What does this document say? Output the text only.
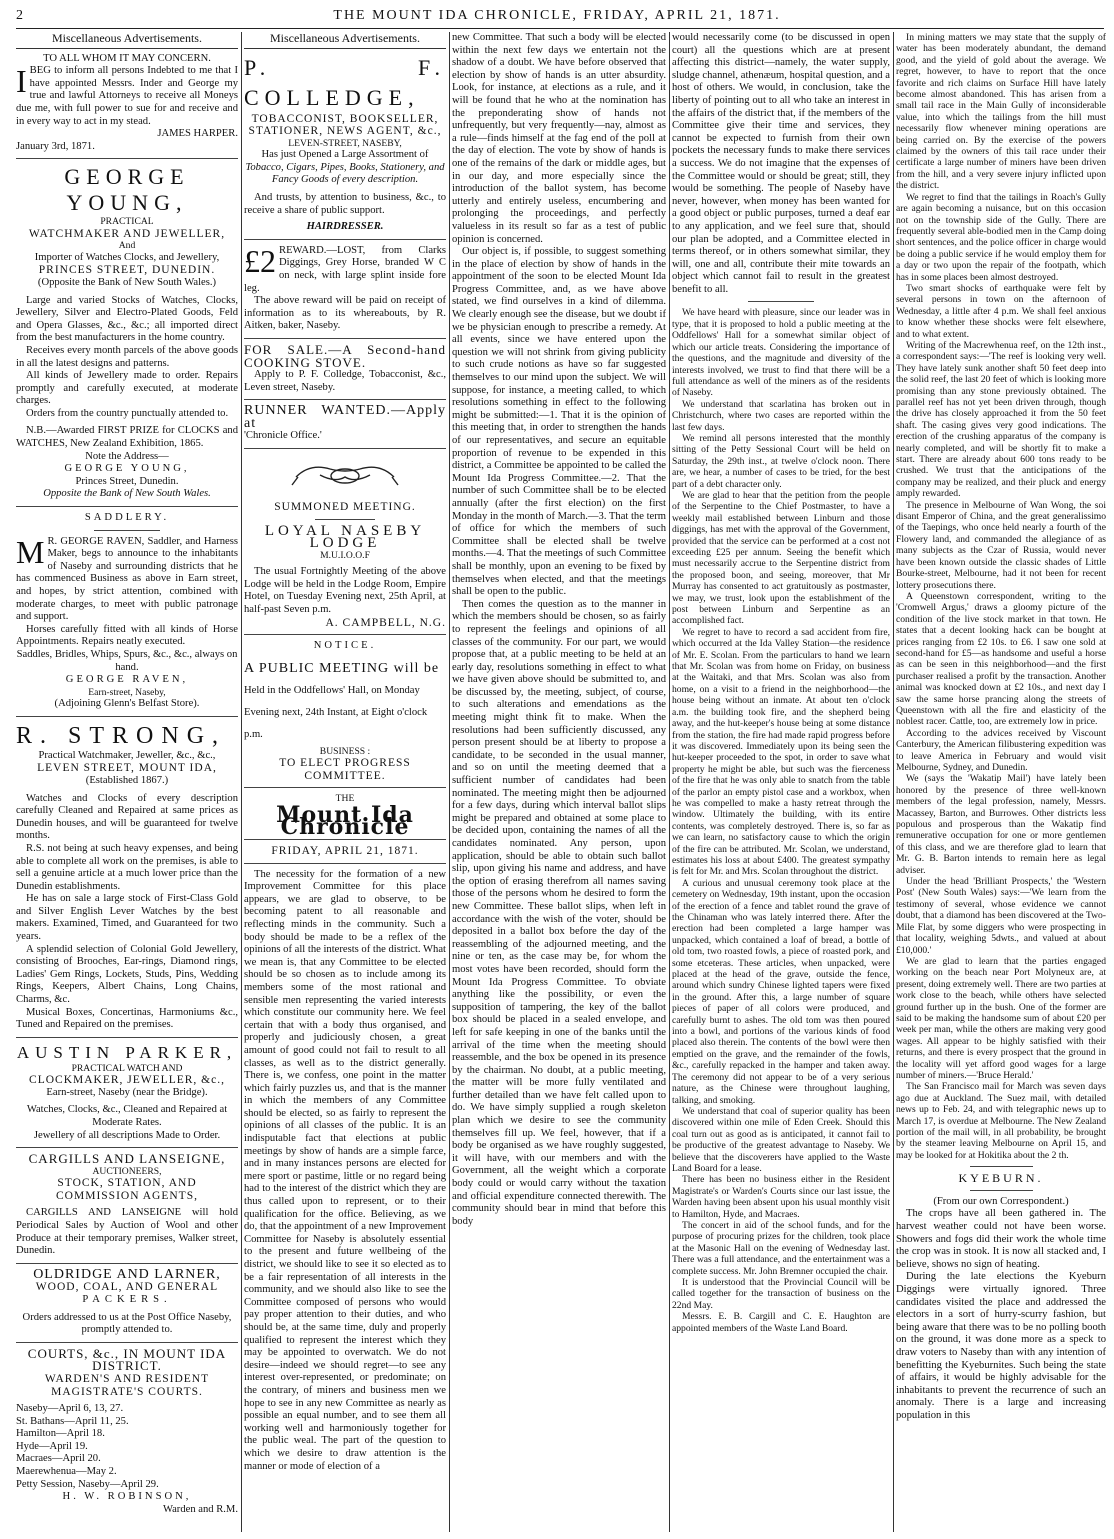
2	THE MOUNT IDA CHRONICLE, FRIDAY, APRIL 21, 1871.
Miscellaneous Advertisements.

TO ALL WHOM IT MAY CONCERN.

IBEG to inform all persons Indebted to me that I have appointed Messrs. Inder and George my true and lawful Attorneys to receive all Moneys due me, with full power to sue for and receive and in every way to act in my stead.

JAMES HARPER.

January 3rd, 1871.

GEORGE YOUNG,

PRACTICAL

WATCHMAKER AND JEWELLER,

And

Importer of Watches Clocks, and Jewellery,

PRINCES STREET, DUNEDIN.

(Opposite the Bank of New South Wales.)

Large and varied Stocks of Watches, Clocks, Jewellery, Silver and Electro-Plated Goods, Feld and Opera Glasses, &c., &c.; all imported direct from the best manufacturers in the home country.

Receives every month parcels of the above goods in all the latest designs and patterns.

All kinds of Jewellery made to order. Repairs promptly and carefully executed, at moderate charges.

Orders from the country punctually attended to.

N.B.—Awarded FIRST PRIZE for CLOCKS and WATCHES, New Zealand Exhibition, 1865.

Note the Address—

GEORGE YOUNG,

Princes Street, Dunedin.

Opposite the Bank of New South Wales.

SADDLERY.

M R. GEORGE RAVEN, Saddler, and Harness Maker, begs to announce to the inhabitants of Naseby and surrounding districts that he has commenced Business as above in Earn street, and hopes, by strict attention, combined with moderate charges, to meet with public patronage and support.

Horses carefully fitted with all kinds of Horse Appointments. Repairs neatly executed.

Saddles, Bridles, Whips, Spurs, &c., &c., always on hand.

GEORGE RAVEN,

Earn-street, Naseby,

(Adjoining Glenn's Belfast Store).

R. STRONG,

Practical Watchmaker, Jeweller, &c., &c.,

LEVEN STREET, MOUNT IDA,

(Established 1867.)

Watches and Clocks of every description carefully Cleaned and Repaired at same prices as Dunedin houses, and will be guaranteed for twelve months.

R.S. not being at such heavy expenses, and being able to complete all work on the premises, is able to sell a genuine article at a much lower price than the Dunedin establishments.

He has on sale a large stock of First-Class Gold and Silver English Lever Watches by the best makers. Examined, Timed, and Guaranteed for two years.

A splendid selection of Colonial Gold Jewellery, consisting of Brooches, Ear-rings, Diamond rings, Ladies' Gem Rings, Lockets, Studs, Pins, Wedding Rings, Keepers, Albert Chains, Long Chains, Charms, &c.

Musical Boxes, Concertinas, Harmoniums &c., Tuned and Repaired on the premises.

AUSTIN PARKER,

PRACTICAL WATCH AND

CLOCKMAKER, JEWELLER, &c.,

Earn-street, Naseby (near the Bridge).

Watches, Clocks, &c., Cleaned and Repaired at Moderate Rates.

Jewellery of all descriptions Made to Order.

CARGILLS AND LANSEIGNE,

AUCTIONEERS,

STOCK, STATION, AND COMMISSION AGENTS,

CARGILLS AND LANSEIGNE will hold Periodical Sales by Auction of Wool and other Produce at their temporary premises, Walker street, Dunedin.

OLDRIDGE AND LARNER,

WOOD, COAL, AND GENERAL

PACKERS.

Orders addressed to us at the Post Office Naseby, promptly attended to.

COURTS, &c., IN MOUNT IDA DISTRICT.

WARDEN'S AND RESIDENT MAGISTRATE'S COURTS.

Naseby—April 6, 13, 27.

St. Bathans—April 11, 25.

Hamilton—April 18.

Hyde—April 19.

Macraes—April 20.

Maerewhenua—May 2.

Petty Session, Naseby—April 29.

H. W. ROBINSON,

Warden and R.M.

Miscellaneous Advertisements.

P. F. COLLEDGE,

TOBACCONIST, BOOKSELLER, STATIONER, NEWS AGENT, &c.,

LEVEN-STREET, NASEBY,

Has just Opened a Large Assortment of

Tobacco, Cigars, Pipes, Books, Stationery, and Fancy Goods of every description.

And trusts, by attention to business, &c., to receive a share of public support.

HAIRDRESSER.

£2 REWARD.—LOST, from Clarks Diggings, Grey Horse, branded W C on neck, with large splint inside fore leg.

The above reward will be paid on receipt of information as to its whereabouts, by R. Aitken, baker, Naseby.

FOR SALE.—A Second-hand COOKING STOVE.

Apply to P. F. Colledge, Tobacconist, &c., Leven street, Naseby.

RUNNER WANTED.—Apply at

'Chronicle Office.'

SUMMONED MEETING.

LOYAL NASEBY LODGE

M.U.I.O.O.F

The usual Fortnightly Meeting of the above Lodge will be held in the Lodge Room, Empire Hotel, on Tuesday Evening next, 25th April, at half-past Seven p.m.

A. CAMPBELL, N.G.

NOTICE.

A PUBLIC MEETING will be

Held in the Oddfellows' Hall, on Monday

Evening next, 24th Instant, at Eight o'clock

p.m.

BUSINESS :

TO ELECT PROGRESS COMMITTEE.

THE

Mount Ida Chronicle

FRIDAY, APRIL 21, 1871.

The necessity for the formation of a new Improvement Committee for this place appears, we are glad to observe, to be becoming patent to all reasonable and reflecting minds in the community. Such a body should be made to be a reflex of the opinions of all the interests of the district. What we mean is, that any Committee to be elected should be so chosen as to include among its members some of the most rational and sensible men representing the varied interests which constitute our community here. We feel certain that with a body thus organised, and properly and judiciously chosen, a great amount of good could not fail to result to all classes, as well as to the district generally. There is, we confess, one point in the matter which fairly puzzles us, and that is the manner in which the members of any Committee should be elected, so as fairly to represent the opinions of all classes of the public. It is an indisputable fact that elections at public meetings by show of hands are a simple farce, and in many instances persons are elected for mere sport or pastime, little or no regard being had to the interest of the district which they are thus called upon to represent, or to their qualification for the office. Believing, as we do, that the appointment of a new Improvement Committee for Naseby is absolutely essential to the present and future wellbeing of the district, we should like to see it so elected as to be a fair representation of all interests in the community, and we should also like to see the Committee composed of persons who would pay proper attention to their duties, and who should be, at the same time, duly and properly qualified to represent the interest which they may be appointed to overwatch. We do not desire—indeed we should regret—to see any interest over-represented, or predominate; on the contrary, of miners and business men we hope to see in any new Committee as nearly as possible an equal number, and to see them all working well and harmoniously together for the public weal. The part of the question to which we desire to draw attention is the manner or mode of election of a

new Committee. That such a body will be elected within the next few days we entertain not the shadow of a doubt. We have before observed that election by show of hands is an utter absurdity. Look, for instance, at elections as a rule, and it will be found that he who at the nomination has the preponderating show of hands not unfrequently, but very frequently—nay, almost as a rule—finds himself at the fag end of the poll at the day of election. The vote by show of hands is one of the remains of the dark or middle ages, but in our day, and more especially since the introduction of the ballot system, has become utterly and entirely useless, encumbering and prolonging the proceedings, and perfectly valueless in its result so far as a test of public opinion is concerned.

Our object is, if possible, to suggest something in the place of election by show of hands in the appointment of the soon to be elected Mount Ida Progress Committee, and, as we have above stated, we find ourselves in a kind of dilemma. We clearly enough see the disease, but we doubt if we be physician enough to prescribe a remedy. At all events, since we have entered upon the question we will not shrink from giving publicity to such crude notions as have so far suggested themselves to our mind upon the subject. We will suppose, for instance, a meeting called, to which resolutions something in effect to the following might be submitted:—1. That it is the opinion of this meeting that, in order to strengthen the hands of our representatives, and secure an equitable proportion of revenue to be expended in this district, a Committee be appointed to be called the Mount Ida Progress Committee.—2. That the number of such Committee shall be to be elected annually (after the first election) on the first Monday in the month of March.—3. That the term of office for which the members of such Committee shall be elected shall be twelve months.—4. That the meetings of such Committee shall be monthly, upon an evening to be fixed by themselves when elected, and that the meetings shall be open to the public.

Then comes the question as to the manner in which the members should be chosen, so as fairly to represent the feelings and opinions of all classes of the community. For our part, we would propose that, at a public meeting to be held at an early day, resolutions something in effect to what we have given above should be submitted to, and be discussed by, the meeting, subject, of course, to such alterations and emendations as the meeting might think fit to make. When the resolutions had been sufficiently discussed, any person present should be at liberty to propose a candidate, to be seconded in the usual manner, and so on until the meeting deemed that a sufficient number of candidates had been nominated. The meeting might then be adjourned for a few days, during which interval ballot slips might be prepared and obtained at some place to be decided upon, containing the names of all the candidates nominated. Any person, upon application, should be able to obtain such ballot slip, upon giving his name and address, and have the option of erasing therefrom all names saving those of the persons whom he desired to form the new Committee. These ballot slips, when left in accordance with the wish of the voter, should be deposited in a ballot box before the day of the reassembling of the adjourned meeting, and the nine or ten, as the case may be, for whom the most votes have been recorded, should form the Mount Ida Progress Committee. To obviate anything like the possibility, or even the supposition of tampering, the key of the ballot box should be placed in a sealed envelope, and left for safe keeping in one of the banks until the arrival of the time when the meeting should reassemble, and the box be opened in its presence by the chairman. No doubt, at a public meeting, the matter will be more fully ventilated and further detailed than we have felt called upon to do. We have simply supplied a rough skeleton plan which we desire to see the community themselves fill up. We feel, however, that if a body be organised as we have roughly suggested, it will have, with our members and with the Government, all the weight which a corporate body could or would carry without the taxation and official expenditure connected therewith. The community should bear in mind that before this body

would necessarily come (to be discussed in open court) all the questions which are at present affecting this district—namely, the water supply, sludge channel, athenæum, hospital question, and a host of others. We would, in conclusion, take the liberty of pointing out to all who take an interest in the affairs of the district that, if the members of the Committee give their time and services, they cannot be expected to furnish from their own pockets the necessary funds to make there services a success. We do not imagine that the expenses of the Committee would or should be great; still, they would be something. The people of Naseby have never, however, when money has been wanted for a good object or public purposes, turned a deaf ear to any application, and we feel sure that, should our plan be adopted, and a Committee elected in terms thereof, or in others somewhat similar, they will, one and all, contribute their mite towards an object which cannot fail to result in the greatest benefit to all.

We have heard with pleasure, since our leader was in type, that it is proposed to hold a public meeting at the Oddfellows' Hall for a somewhat similar object of which our article treats. Considering the importance of the questions, and the magnitude and diversity of the interests involved, we trust to find that there will be a full attendance as well of the miners as of the residents of Naseby.

We understand that scarlatina has broken out in Christchurch, where two cases are reported within the last few days.

We remind all persons interested that the monthly sitting of the Petty Sessional Court will be held on Saturday, the 29th inst., at twelve o'clock noon. There are, we hear, a number of cases to be tried, for the best part of a debt character only.

We are glad to hear that the petition from the people of the Serpentine to the Chief Postmaster, to have a weekly mail established between Linburn and those diggings, has met with the approval of the Government, provided that the service can be performed at a cost not exceeding £25 per annum. Seeing the benefit which must necessarily accrue to the Serpentine district from the proposed boon, and seeing, moreover, that Mr Murray has consented to act gratuitously as postmaster, we may, we trust, look upon the establishment of the post between Linburn and Serpentine as an accomplished fact.

We regret to have to record a sad accident from fire, which occurred at the Ida Valley Station—the residence of Mr. E. Scolan. From the particulars to hand we learn that Mr. Scolan was from home on Friday, on business at the Waitaki, and that Mrs. Scolan was also from home, on a visit to a friend in the neighborhood—the house being without an inmate. At about ten o'clock a.m. the building took fire, and the shepherd being away, and the hut-keeper's house being at some distance from the station, the fire had made rapid progress before it was discovered. Immediately upon its being seen the hut-keeper proceeded to the spot, in order to save what property he might be able, but such was the fierceness of the fire that he was only able to snatch from the table of the parlor an empty pistol case and a workbox, when he was compelled to make a hasty retreat through the window. Ultimately the building, with its entire contents, was completely destroyed. There is, so far as we can learn, no satisfactory cause to which the origin of the fire can be attributed. Mr. Scolan, we understand, estimates his loss at about £400. The greatest sympathy is felt for Mr. and Mrs. Scolan throughout the district.

A curious and unusual ceremony took place at the cemetery on Wednesday, 19th instant, upon the occasion of the erection of a fence and tablet round the grave of the Chinaman who was lately interred there. After the erection had been completed a large hamper was unpacked, which contained a loaf of bread, a bottle of old tom, two roasted fowls, a piece of roasted pork, and some etceteras. These articles, when unpacked, were placed at the head of the grave, outside the fence, around which sundry Chinese lighted tapers were fixed in the ground. After this, a large number of square pieces of paper of all colors were produced, and carefully burnt to ashes. The old tom was then poured into a bowl, and portions of the various kinds of food placed also therein. The contents of the bowl were then emptied on the grave, and the remainder of the fowls, &c., carefully repacked in the hamper and taken away. The ceremony did not appear to be of a very serious nature, as the Chinese were throughout laughing, talking, and smoking.

We understand that coal of superior quality has been discovered within one mile of Eden Creek. Should this coal turn out as good as is anticipated, it cannot fail to be productive of the greatest advantage to Naseby. We believe that the discoverers have applied to the Waste Land Board for a lease.

There has been no business either in the Resident Magistrate's or Warden's Courts since our last issue, the Warden having been absent upon his usual monthly visit to Hamilton, Hyde, and Macraes.

The concert in aid of the school funds, and for the purpose of procuring prizes for the children, took place at the Masonic Hall on the evening of Wednesday last. There was a full attendance, and the entertainment was a complete success. Mr. John Bremner occupied the chair.

It is understood that the Provincial Council will be called together for the transaction of business on the 22nd May.

Messrs. E. B. Cargill and C. E. Haughton are appointed members of the Waste Land Board.

In mining matters we may state that the supply of water has been moderately abundant, the demand good, and the yield of gold about the average. We regret, however, to have to report that the once favorite and rich claims on Surface Hill have lately become almost abandoned. This has arisen from a small tail race in the Main Gully of inconsiderable value, into which the tailings from the hill must necessarily flow whenever mining operations are being carried on. By the exercise of the powers claimed by the owners of this tail race under their certificate a large number of miners have been driven from the hill, and a very severe injury inflicted upon the district.

We regret to find that the tailings in Roach's Gully are again becoming a nuisance, but on this occasion not on the township side of the Gully. There are frequently several able-bodied men in the Camp doing short sentences, and the police officer in charge would be doing a public service if he would employ them for a day or two upon the repair of the footpath, which has in some places been almost destroyed.

Two smart shocks of earthquake were felt by several persons in town on the afternoon of Wednesday, a little after 4 p.m. We shall feel anxious to know whether these shocks were felt elsewhere, and to what extent.

Writing of the Macrewhenua reef, on the 12th inst., a correspondent says:—'The reef is looking very well. They have lately sunk another shaft 50 feet deep into the solid reef, the last 20 feet of which is looking more promising than any stone previously obtained. The parallel reef has not yet been driven through, though the drive has closely approached it from the 50 feet shaft. The casing gives very good indications. The erection of the crushing apparatus of the company is nearly completed, and will be shortly fit to make a start. There are already about 600 tons ready to be crushed. We trust that the anticipations of the company may be realized, and their pluck and energy amply rewarded.

The presence in Melbourne of Wan Wong, the soi disant Emperor of China, and the great generalissimo of the Taepings, who once held nearly a fourth of the Flowery land, and commanded the allegiance of as many subjects as the Czar of Russia, would never have been known outside the classic shades of Little Bourke-street, Melbourne, had it not been for recent lottery prosecutions there.

A Queenstown correspondent, writing to the 'Cromwell Argus,' draws a gloomy picture of the condition of the live stock market in that town. He states that a decent looking hack can be bought at prices ranging from £2 10s. to £6. I saw one sold at second-hand for £5—as handsome and useful a horse as can be seen in this neighborhood—and the first purchaser realised a profit by the transaction. Another animal was knocked down at £2 10s., and next day I saw the same horse prancing along the streets of Queenstown with all the fire and elasticity of the noblest racer. Cattle, too, are extremely low in price.

According to the advices received by Viscount Canterbury, the American filibustering expedition was to leave America in February and would visit Melbourne, Sydney, and Dunedin.

We (says the 'Wakatip Mail') have lately been honored by the presence of three well-known members of the legal profession, namely, Messrs. Macassey, Barton, and Burrowes. Other districts less populous and prosperous than the Wakatip find remunerative occupation for one or more gentlemen of this class, and we are therefore glad to learn that Mr. G. B. Barton intends to remain here as legal adviser.

Under the head 'Brilliant Prospects,' the 'Western Post' (New South Wales) says:—'We learn from the testimony of several, whose evidence we cannot doubt, that a diamond has been discovered at the Two-Mile Flat, by some diggers who were prospecting in that locality, weighing 5dwts., and valued at about £10,000.'

We are glad to learn that the parties engaged working on the beach near Port Molyneux are, at present, doing extremely well. There are two parties at work close to the beach, while others have selected ground further up in the bush. One of the former are said to be making the handsome sum of about £20 per week per man, while the others are making very good wages. All appear to be highly satisfied with their returns, and there is every prospect that the ground in the locality will yet afford good wages for a large number of miners.—'Bruce Herald.'

The San Francisco mail for March was seven days ago due at Auckland. The Suez mail, with detailed news up to Feb. 24, and with telegraphic news up to March 17, is overdue at Melbourne. The New Zealand portion of the mail will, in all probability, be brought by the steamer leaving Melbourne on April 15, and may be looked for at Hokitika about the 2 th.

KYEBURN.

(From our own Correspondent.)

The crops have all been gathered in. The harvest weather could not have been worse. Showers and fogs did their work the whole time the crop was in stook. It is now all stacked and, I believe, shows no sign of heating.

During the late elections the Kyeburn Diggings were virtually ignored. Three candidates visited the place and addressed the electors in a sort of hurry-scurry fashion, but being aware that there was to be no polling booth on the ground, it was done more as a speck to draw voters to Naseby than with any intention of benefitting the Kyeburnites. Such being the state of affairs, it would be highly advisable for the inhabitants to prevent the recurrence of such an anomaly. There is a large and increasing population in this
